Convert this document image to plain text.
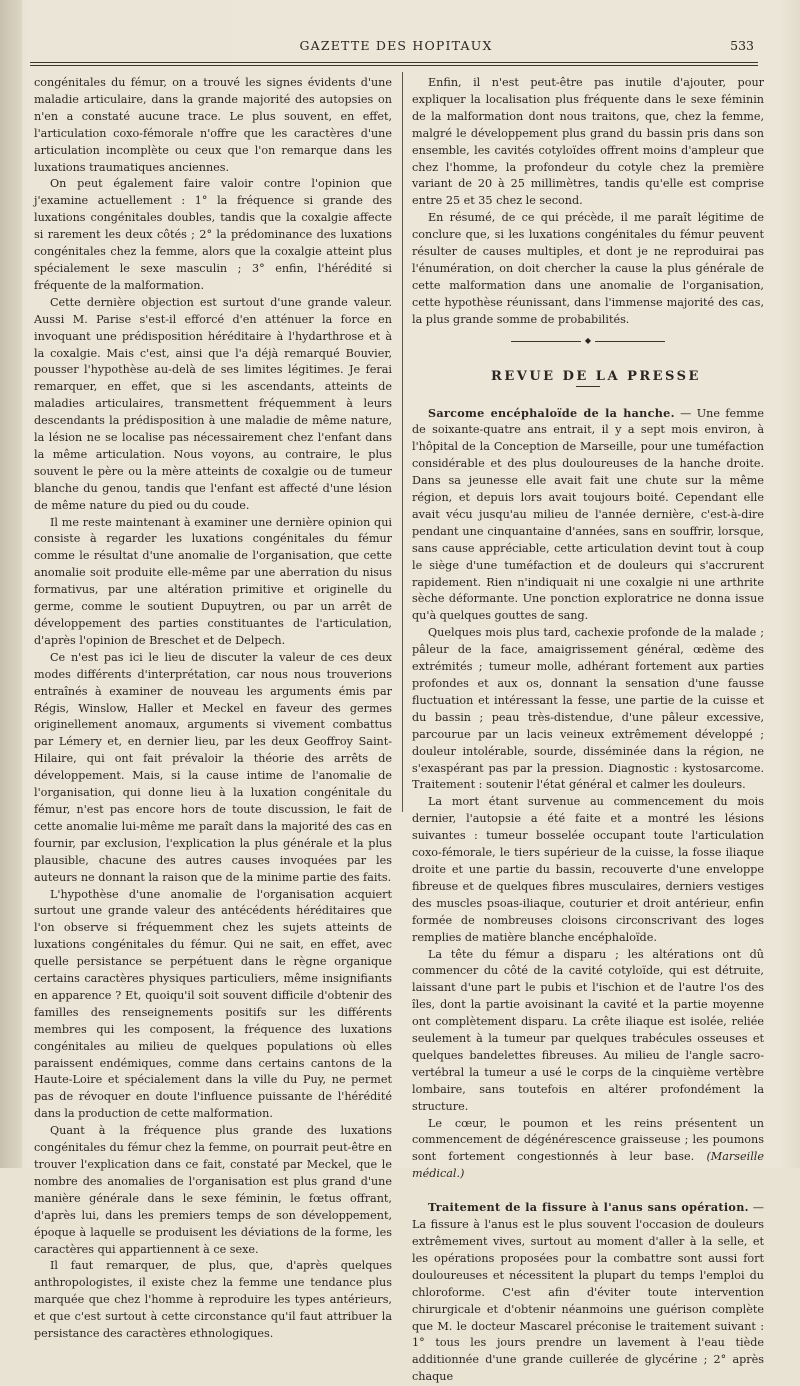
GAZETTE DES HOPITAUX	533

congénitales du fémur, on a trouvé les signes évidents d'une maladie articulaire, dans la grande majorité des autopsies on n'en a constaté aucune trace. Le plus souvent, en effet, l'articulation coxo-fémorale n'offre que les caractères d'une articulation incomplète ou ceux que l'on remarque dans les luxations traumatiques anciennes.

On peut également faire valoir contre l'opinion que j'examine actuellement : 1° la fréquence si grande des luxations congénitales doubles, tandis que la coxalgie affecte si rarement les deux côtés ; 2° la prédominance des luxations congénitales chez la femme, alors que la coxalgie atteint plus spécialement le sexe masculin ; 3° enfin, l'hérédité si fréquente de la malformation.

Cette dernière objection est surtout d'une grande valeur. Aussi M. Parise s'est-il efforcé d'en atténuer la force en invoquant une prédisposition héréditaire à l'hydarthrose et à la coxalgie. Mais c'est, ainsi que l'a déjà remarqué Bouvier, pousser l'hypothèse au-delà de ses limites légitimes. Je ferai remarquer, en effet, que si les ascendants, atteints de maladies articulaires, transmettent fréquemment à leurs descendants la prédisposition à une maladie de même nature, la lésion ne se localise pas nécessairement chez l'enfant dans la même articulation. Nous voyons, au contraire, le plus souvent le père ou la mère atteints de coxalgie ou de tumeur blanche du genou, tandis que l'enfant est affecté d'une lésion de même nature du pied ou du coude.

Il me reste maintenant à examiner une dernière opinion qui consiste à regarder les luxations congénitales du fémur comme le résultat d'une anomalie de l'organisation, que cette anomalie soit produite elle-même par une aberration du nisus formativus, par une altération primitive et originelle du germe, comme le soutient Dupuytren, ou par un arrêt de développement des parties constituantes de l'articulation, d'après l'opinion de Breschet et de Delpech.

Ce n'est pas ici le lieu de discuter la valeur de ces deux modes différents d'interprétation, car nous nous trouverions entraînés à examiner de nouveau les arguments émis par Régis, Winslow, Haller et Meckel en faveur des germes originellement anomaux, arguments si vivement combattus par Lémery et, en dernier lieu, par les deux Geoffroy Saint-Hilaire, qui ont fait prévaloir la théorie des arrêts de développement. Mais, si la cause intime de l'anomalie de l'organisation, qui donne lieu à la luxation congénitale du fémur, n'est pas encore hors de toute discussion, le fait de cette anomalie lui-même me paraît dans la majorité des cas en fournir, par exclusion, l'explication la plus générale et la plus plausible, chacune des autres causes invoquées par les auteurs ne donnant la raison que de la minime partie des faits.

L'hypothèse d'une anomalie de l'organisation acquiert surtout une grande valeur des antécédents héréditaires que l'on observe si fréquemment chez les sujets atteints de luxations congénitales du fémur. Qui ne sait, en effet, avec quelle persistance se perpétuent dans le règne organique certains caractères physiques particuliers, même insignifiants en apparence ? Et, quoiqu'il soit souvent difficile d'obtenir des familles des renseignements positifs sur les différents membres qui les composent, la fréquence des luxations congénitales au milieu de quelques populations où elles paraissent endémiques, comme dans certains cantons de la Haute-Loire et spécialement dans la ville du Puy, ne permet pas de révoquer en doute l'influence puissante de l'hérédité dans la production de cette malformation.

Quant à la fréquence plus grande des luxations congénitales du fémur chez la femme, on pourrait peut-être en trouver l'explication dans ce fait, constaté par Meckel, que le nombre des anomalies de l'organisation est plus grand d'une manière générale dans le sexe féminin, le fœtus offrant, d'après lui, dans les premiers temps de son développement, époque à laquelle se produisent les déviations de la forme, les caractères qui appartiennent à ce sexe.

Il faut remarquer, de plus, que, d'après quelques anthropologistes, il existe chez la femme une tendance plus marquée que chez l'homme à reproduire les types antérieurs, et que c'est surtout à cette circonstance qu'il faut attribuer la persistance des caractères ethnologiques.

Enfin, il n'est peut-être pas inutile d'ajouter, pour expliquer la localisation plus fréquente dans le sexe féminin de la malformation dont nous traitons, que, chez la femme, malgré le développement plus grand du bassin pris dans son ensemble, les cavités cotyloïdes offrent moins d'ampleur que chez l'homme, la profondeur du cotyle chez la première variant de 20 à 25 millimètres, tandis qu'elle est comprise entre 25 et 35 chez le second.

En résumé, de ce qui précède, il me paraît légitime de conclure que, si les luxations congénitales du fémur peuvent résulter de causes multiples, et dont je ne reproduirai pas l'énumération, on doit chercher la cause la plus générale de cette malformation dans une anomalie de l'organisation, cette hypothèse réunissant, dans l'immense majorité des cas, la plus grande somme de probabilités.

◆

REVUE DE LA PRESSE

Sarcome encéphaloïde de la hanche. — Une femme de soixante-quatre ans entrait, il y a sept mois environ, à l'hôpital de la Conception de Marseille, pour une tuméfaction considérable et des plus douloureuses de la hanche droite. Dans sa jeunesse elle avait fait une chute sur la même région, et depuis lors avait toujours boité. Cependant elle avait vécu jusqu'au milieu de l'année dernière, c'est-à-dire pendant une cinquantaine d'années, sans en souffrir, lorsque, sans cause appréciable, cette articulation devint tout à coup le siège d'une tuméfaction et de douleurs qui s'accrurent rapidement. Rien n'indiquait ni une coxalgie ni une arthrite sèche déformante. Une ponction exploratrice ne donna issue qu'à quelques gouttes de sang.

Quelques mois plus tard, cachexie profonde de la malade ; pâleur de la face, amaigrissement général, œdème des extrémités ; tumeur molle, adhérant fortement aux parties profondes et aux os, donnant la sensation d'une fausse fluctuation et intéressant la fesse, une partie de la cuisse et du bassin ; peau très-distendue, d'une pâleur excessive, parcourue par un lacis veineux extrêmement développé ; douleur intolérable, sourde, disséminée dans la région, ne s'exaspérant pas par la pression. Diagnostic : kystosarcome. Traitement : soutenir l'état général et calmer les douleurs.

La mort étant survenue au commencement du mois dernier, l'autopsie a été faite et a montré les lésions suivantes : tumeur bosselée occupant toute l'articulation coxo-fémorale, le tiers supérieur de la cuisse, la fosse iliaque droite et une partie du bassin, recouverte d'une enveloppe fibreuse et de quelques fibres musculaires, derniers vestiges des muscles psoas-iliaque, couturier et droit antérieur, enfin formée de nombreuses cloisons circonscrivant des loges remplies de matière blanche encéphaloïde.

La tête du fémur a disparu ; les altérations ont dû commencer du côté de la cavité cotyloïde, qui est détruite, laissant d'une part le pubis et l'ischion et de l'autre l'os des îles, dont la partie avoisinant la cavité et la partie moyenne ont complètement disparu. La crête iliaque est isolée, reliée seulement à la tumeur par quelques trabécules osseuses et quelques bandelettes fibreuses. Au milieu de l'angle sacro-vertébral la tumeur a usé le corps de la cinquième vertèbre lombaire, sans toutefois en altérer profondément la structure.

Le cœur, le poumon et les reins présentent un commencement de dégénérescence graisseuse ; les poumons sont fortement congestionnés à leur base. (Marseille médical.)

Traitement de la fissure à l'anus sans opération. — La fissure à l'anus est le plus souvent l'occasion de douleurs extrêmement vives, surtout au moment d'aller à la selle, et les opérations proposées pour la combattre sont aussi fort douloureuses et nécessitent la plupart du temps l'emploi du chloroforme. C'est afin d'éviter toute intervention chirurgicale et d'obtenir néanmoins une guérison complète que M. le docteur Mascarel préconise le traitement suivant : 1° tous les jours prendre un lavement à l'eau tiède additionnée d'une grande cuillerée de glycérine ; 2° après chaque
